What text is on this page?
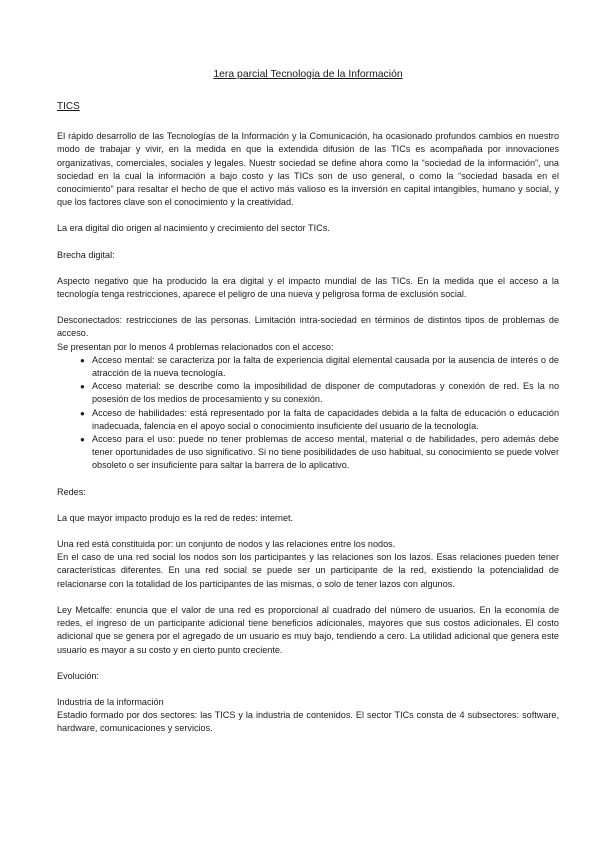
1era parcial Tecnologia de la Información
TICS

El rápido desarrollo de las Tecnologías de la Información y la Comunicación, ha ocasionado profundos cambios en nuestro modo de trabajar y vivir, en la medida en que la extendida difusión de las TICs es acompañada por innovaciones organizativas, comerciales, sociales y legales. Nuestr sociedad se define ahora como la “sociedad de la información”, una sociedad en la cual la información a bajo costo y las TICs son de uso general, o como la “sociedad basada en el conocimiento” para resaltar el hecho de que el activo más valioso es la inversión en capital intangibles, humano y social, y que los factores clave son el conocimiento y la creatividad.

La era digital dio origen al nacimiento y crecimiento del sector TICs.

Brecha digital:

Aspecto negativo que ha producido la era digital y el impacto mundial de las TICs. En la medida que el acceso a la tecnología tenga restricciones, aparece el peligro de una nueva y peligrosa forma de exclusión social.

Desconectados: restricciones de las personas. Limitación intra-sociedad en términos de distintos tipos de problemas de acceso.

Se presentan por lo menos 4 problemas relacionados con el acceso:

● Acceso mental: se caracteriza por la falta de experiencia digital elemental causada por la ausencia de interés o de atracción de la nueva tecnología.
● Acceso material: se describe como la imposibilidad de disponer de computadoras y conexión de red. Es la no posesión de los medios de procesamiento y su conexión.
● Acceso de habilidades: está representado por la falta de capacidades debida a la falta de educación o educación inadecuada, falencia en el apoyo social o conocimiento insuficiente del usuario de la tecnología.
● Acceso para el uso: puede no tener problemas de acceso mental, material o de habilidades, pero además debe tener oportunidades de uso significativo. Si no tiene posibilidades de uso habitual, su conocimiento se puede volver obsoleto o ser insuficiente para saltar la barrera de lo aplicativo.

Redes:

La que mayor impacto produjo es la red de redes: internet.

Una red está constituida por: un conjunto de nodos y las relaciones entre los nodos.

En el caso de una red social los nodos son los participantes y las relaciones son los lazos. Esas relaciones pueden tener características diferentes. En una red social se puede ser un participante de la red, existiendo la potencialidad de relacionarse con la totalidad de los participantes de las mismas, o solo de tener lazos con algunos.

Ley Metcalfe: enuncia que el valor de una red es proporcional al cuadrado del número de usuarios. En la economía de redes, el ingreso de un participante adicional tiene beneficios adicionales, mayores que sus costos adicionales. El costo adicional que se genera por el agregado de un usuario es muy bajo, tendiendo a cero. La utilidad adicional que genera este usuario es mayor a su costo y en cierto punto creciente.

Evolución:

Industria de la información

Estadio formado por dos sectores: las TICS y la industria de contenidos. El sector TICs consta de 4 subsectores: software, hardware, comunicaciones y servicios.
